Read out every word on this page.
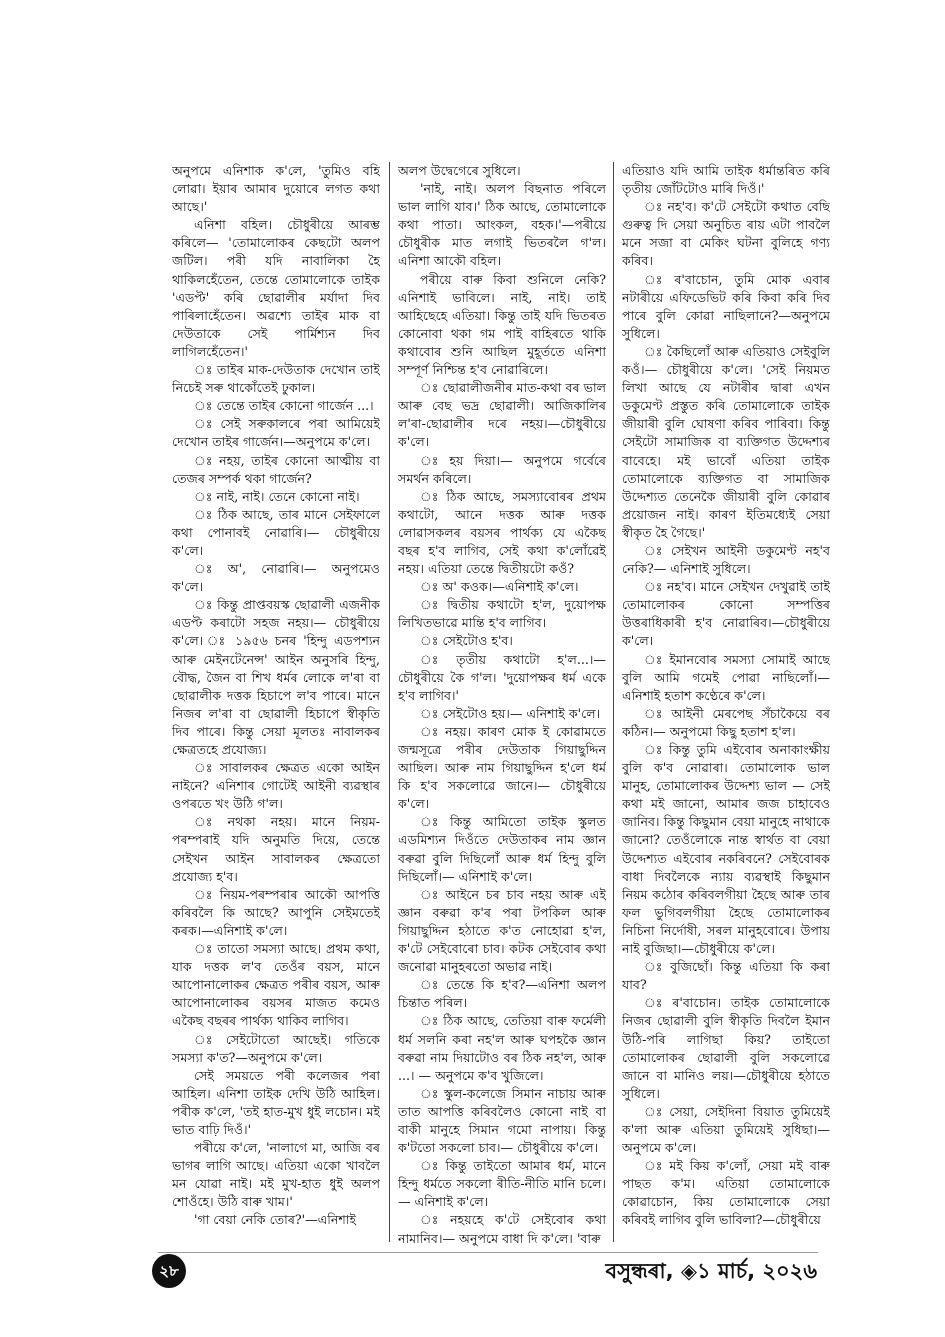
অনুপমে এনিশাক ক'লে, 'তুমিও বহি লোৱা। ইয়াৰ আমাৰ দুয়োৰে লগত কথা আছে।'

এনিশা বহিল। চৌধুৰীয়ে আৰম্ভ কৰিলে— 'তোমালোকৰ কেছটো অলপ জটিল। পৰী যদি নাবালিকা হৈ থাকিলহেঁতেন, তেন্তে তোমালোকে তাইক 'এডপ্ট' কৰি ছোৱালীৰ মৰ্যাদা দিব পাৰিলাহেঁতেন। অৱশ্যে তাইৰ মাক বা দেউতাকে সেই পাৰ্মিশ্যন দিব লাগিলহেঁতেন।'

ঃ তাইৰ মাক-দেউতাক দেখোন তাই নিচেই সৰু থাকোঁতেই ঢুকাল।

ঃ তেন্তে তাইৰ কোনো গাৰ্জেন ...।

ঃ সেই সৰুকালৰে পৰা আমিয়েই দেখোন তাইৰ গাৰ্জেন।—অনুপমে ক'লে।

ঃ নহয়, তাইৰ কোনো আত্মীয় বা তেজৰ সম্পৰ্ক থকা গাৰ্জেন?

ঃ নাই, নাই। তেনে কোনো নাই।

ঃ ঠিক আছে, তাৰ মানে সেইফালে কথা পোনাবই নোৱাৰি।— চৌধুৰীয়ে ক'লে।

ঃ অ', নোৱাৰি।— অনুপমেও ক'লে।

ঃ কিন্তু প্ৰাপ্তবয়স্ক ছোৱালী এজনীক এডপ্ট কৰাটো সহজ নহয়।— চৌধুৰীয়ে ক'লে। ঃ ১৯৫৬ চনৰ 'হিন্দু এডপশ্যন আৰু মেইনটেনেন্স' আইন অনুসৰি হিন্দু, বৌদ্ধ, জৈন বা শিখ ধৰ্মৰ লোকে ল'ৰা বা ছোৱালীক দত্তক হিচাপে ল'ব পাৰে। মানে নিজৰ ল'ৰা বা ছোৱালী হিচাপে স্বীকৃতি দিব পাৰে। কিন্তু সেয়া মূলতঃ নাবালকৰ ক্ষেত্ৰতহে প্ৰযোজ্য।

ঃ সাবালকৰ ক্ষেত্ৰত একো আইন নাইনে? এনিশাৰ গোটেই আইনী ব্যৱস্থাৰ ওপৰতে খং উঠি গ'ল।

ঃ নথকা নহয়। মানে নিয়ম-পৰম্পৰাই যদি অনুমতি দিয়ে, তেন্তে সেইখন আইন সাবালকৰ ক্ষেত্ৰতো প্ৰযোজ্য হ'ব।

ঃ নিয়ম-পৰম্পৰাৰ আকৌ আপত্তি কৰিবলৈ কি আছে? আপুনি সেইমতেই কৰক।—এনিশাই ক'লে।

ঃ তাতো সমস্যা আছে। প্ৰথম কথা, যাক দত্তক ল'ব তেওঁৰ বয়স, মানে আপোনালোকৰ ক্ষেত্ৰত পৰীৰ বয়স, আৰু আপোনালোকৰ বয়সৰ মাজত কমেও একৈছ বছৰৰ পাৰ্থক্য থাকিব লাগিব।

ঃ সেইটোতো আছেই। গতিকে সমস্যা ক'ত?—অনুপমে ক'লে।

সেই সময়তে পৰী কলেজৰ পৰা আহিল। এনিশা তাইক দেখি উঠি আহিল। পৰীক ক'লে, 'তই হাত-মুখ ধুই লচোন। মই ভাত বাঢ়ি দিওঁ।'

পৰীয়ে ক'লে, 'নালাগে মা, আজি বৰ ভাগৰ লাগি আছে। এতিয়া একো খাবলৈ মন যোৱা নাই। মই মুখ-হাত ধুই অলপ শোওঁহে। উঠি বাৰু খাম।'

'গা বেয়া নেকি তোৰ?'—এনিশাই

অলপ উদ্বেগেৰে সুধিলে।

'নাই, নাই। অলপ বিছনাত পৰিলে ভাল লাগি যাব।' ঠিক আছে, তোমালোকে কথা পাতা। আংকল, বহক।'—পৰীয়ে চৌধুৰীক মাত লগাই ভিতৰলৈ গ'ল। এনিশা আকৌ বহিল।

পৰীয়ে বাৰু কিবা শুনিলে নেকি? এনিশাই ভাবিলে। নাই, নাই। তাই আহিছেহে এতিয়া। কিন্তু তাই যদি ভিতৰত কোনোবা থকা গম পাই বাহিৰতে থাকি কথাবোৰ শুনি আছিল মুহূৰ্ততে এনিশা সম্পূৰ্ণ নিশ্চিন্ত হ'ব নোৱাৰিলে।

ঃ ছোৱালীজনীৰ মাত-কথা বৰ ভাল আৰু বেছ ভদ্ৰ ছোৱালী। আজিকালিৰ ল'ৰা-ছোৱালীৰ দৰে নহয়।—চৌধুৰীয়ে ক'লে।

ঃ হয় দিয়া।— অনুপমে গৰ্বেৰে সমৰ্থন কৰিলে।

ঃ ঠিক আছে, সমস্যাবোৰৰ প্ৰথম কথাটো, আনে দত্তক আৰু দত্তক লোৱাসকলৰ বয়সৰ পাৰ্থক্য যে একৈছ বছৰ হ'ব লাগিব, সেই কথা ক'লোঁৱেই নহয়। এতিয়া তেন্তে দ্বিতীয়টো কওঁ?

ঃ অ' কওক।—এনিশাই ক'লে।

ঃ দ্বিতীয় কথাটো হ'ল, দুয়োপক্ষ লিখিতভাৱে মান্তি হ'ব লাগিব।

ঃ সেইটোও হ'ব।

ঃ তৃতীয় কথাটো হ'ল...।—চৌধুৰীয়ে কৈ গ'ল। 'দুয়োপক্ষৰ ধৰ্ম একে হ'ব লাগিব।'

ঃ সেইটোও হয়।— এনিশাই ক'লে।

ঃ নহয়। কাৰণ মোক ই কোৱামতে জন্মসূত্ৰে পৰীৰ দেউতাক গিয়াছুদ্দিন আছিল। আৰু নাম গিয়াছুদ্দিন হ'লে ধৰ্ম কি হ'ব সকলোৱে জানে।— চৌধুৰীয়ে ক'লে।

ঃ কিন্তু আমিতো তাইক স্কুলত এডমিশ্যন দিওঁতে দেউতাকৰ নাম জ্ঞান বৰুৱা বুলি দিছিলোঁ আৰু ধৰ্ম হিন্দু বুলি দিছিলোঁ।— এনিশাই ক'লে।

ঃ আইনে চৰ চাব নহয় আৰু এই জ্ঞান বৰুৱা ক'ৰ পৰা টপকিল আৰু গিয়াছুদ্দিন হঠাতে ক'ত নোহোৱা হ'ল, ক'টে সেইবোৰো চাব। কটক সেইবোৰ কথা জনোৱা মানুহৰতো অভাৱ নাই।

ঃ তেন্তে কি হ'ব?—এনিশা অলপ চিন্তাত পৰিল।

ঃ ঠিক আছে, তেতিয়া বাৰু ফৰ্মেলী ধৰ্ম সলনি কৰা নহ'ল আৰু ঘপহকৈ জ্ঞান বৰুৱা নাম দিয়াটোও বৰ ঠিক নহ'ল, আৰু ...। — অনুপমে ক'ব খুজিলে।

ঃ স্কুল-কলেজে সিমান নাচায় আৰু তাত আপত্তি কৰিবলৈও কোনো নাই বা বাকী মানুহে সিমান গমো নাপায়। কিন্তু ক'টতো সকলো চাব।— চৌধুৰীয়ে ক'লে।

ঃ কিন্তু তাইতো আমাৰ ধৰ্ম, মানে হিন্দু ধৰ্মতে সকলো ৰীতি-নীতি মানি চলে।— এনিশাই ক'লে।

ঃ নহয়হে ক'টে সেইবোৰ কথা নামানিব।— অনুপমে বাধা দি ক'লে। 'বাৰু

এতিয়াও যদি আমি তাইক ধৰ্মান্তৰিত কৰি তৃতীয় জোঁটটোও মাৰি দিওঁ।'

ঃ নহ'ব। ক'টে সেইটো কথাত বেছি গুৰুত্ব দি সেয়া অনুচিত ৰায় এটা পাবলৈ মনে সজা বা মেকিং ঘটনা বুলিহে গণ্য কৰিব।

ঃ ৰ'বাচোন, তুমি মোক এবাৰ নটাৰীয়ে এফিডেভিট কৰি কিবা কৰি দিব পাৰে বুলি কোৱা নাছিলানে?—অনুপমে সুধিলে।

ঃ কৈছিলোঁ আৰু এতিয়াও সেইবুলি কওঁ।— চৌধুৰীয়ে ক'লে। 'সেই নিয়মত লিখা আছে যে নটাৰীৰ দ্বাৰা এখন ডকুমেণ্ট প্ৰস্তুত কৰি তোমালোকে তাইক জীয়াৰী বুলি ঘোষণা কৰিব পাৰিবা। কিন্তু সেইটো সামাজিক বা ব্যক্তিগত উদ্দেশ্যৰ বাবেহে। মই ভাবোঁ এতিয়া তাইক তোমালোকে ব্যক্তিগত বা সামাজিক উদ্দেশ্যত তেনেকৈ জীয়াৰী বুলি কোৱাৰ প্ৰয়োজন নাই। কাৰণ ইতিমধ্যেই সেয়া স্বীকৃত হৈ গৈছে।'

ঃ সেইখন আইনী ডকুমেণ্ট নহ'ব নেকি?— এনিশাই সুধিলে।

ঃ নহ'ব। মানে সেইখন দেখুৱাই তাই তোমালোকৰ কোনো সম্পত্তিৰ উত্তৰাধিকাৰী হ'ব নোৱাৰিব।—চৌধুৰীয়ে ক'লে।

ঃ ইমানবোৰ সমস্যা সোমাই আছে বুলি আমি গমেই পোৱা নাছিলোঁ।— এনিশাই হতাশ কণ্ঠেৰে ক'লে।

ঃ আইনী মেৰপেছ সঁচাকৈয়ে বৰ কঠিন।— অনুপমো কিছু হতাশ হ'ল।

ঃ কিন্তু তুমি এইবোৰ অনাকাংক্ষীয় বুলি ক'ব নোৱাৰা। তোমালোক ভাল মানুহ, তোমালোকৰ উদ্দেশ্য ভাল — সেই কথা মই জানো, আমাৰ জজ চাহাবেও জানিব। কিন্তু কিছুমান বেয়া মানুহে নাথাকে জানো? তেওঁলোকে নান্ত স্বাৰ্থত বা বেয়া উদ্দেশ্যত এইবোৰ নকৰিবনে? সেইবোৰক বাধা দিবলৈকে ন্যায় ব্যৱস্থাই কিছুমান নিয়ম কঠোৰ কৰিবলগীয়া হৈছে আৰু তাৰ ফল ভুগিবলগীয়া হৈছে তোমালোকৰ নিচিনা নিৰ্দোষী, সৰল মানুহবোৰে। উপায় নাই বুজিছা।—চৌধুৰীয়ে ক'লে।

ঃ বুজিছোঁ। কিন্তু এতিয়া কি কৰা যাব?

ঃ ৰ'বাচোন। তাইক তোমালোকে নিজৰ ছোৱালী বুলি স্বীকৃতি দিবলৈ ইমান উঠি-পৰি লাগিছা কিয়? তাইতো তোমালোকৰ ছোৱালী বুলি সকলোৱে জানে বা মানিও লয়।—চৌধুৰীয়ে হঠাতে সুধিলে।

ঃ সেয়া, সেইদিনা বিয়াত তুমিয়েই ক'লা আৰু এতিয়া তুমিয়েই সুধিছা।— অনুপমে ক'লে।

ঃ মই কিয় ক'লোঁ, সেয়া মই বাৰু পাছত ক'ম। এতিয়া তোমালোকে কোৱাচোন, কিয় তোমালোকে সেয়া কৰিবই লাগিব বুলি ভাবিলা?—চৌধুৰীয়ে

২৮	বসুন্ধৰা, ◈১ মাৰ্চ, ২০২৬
